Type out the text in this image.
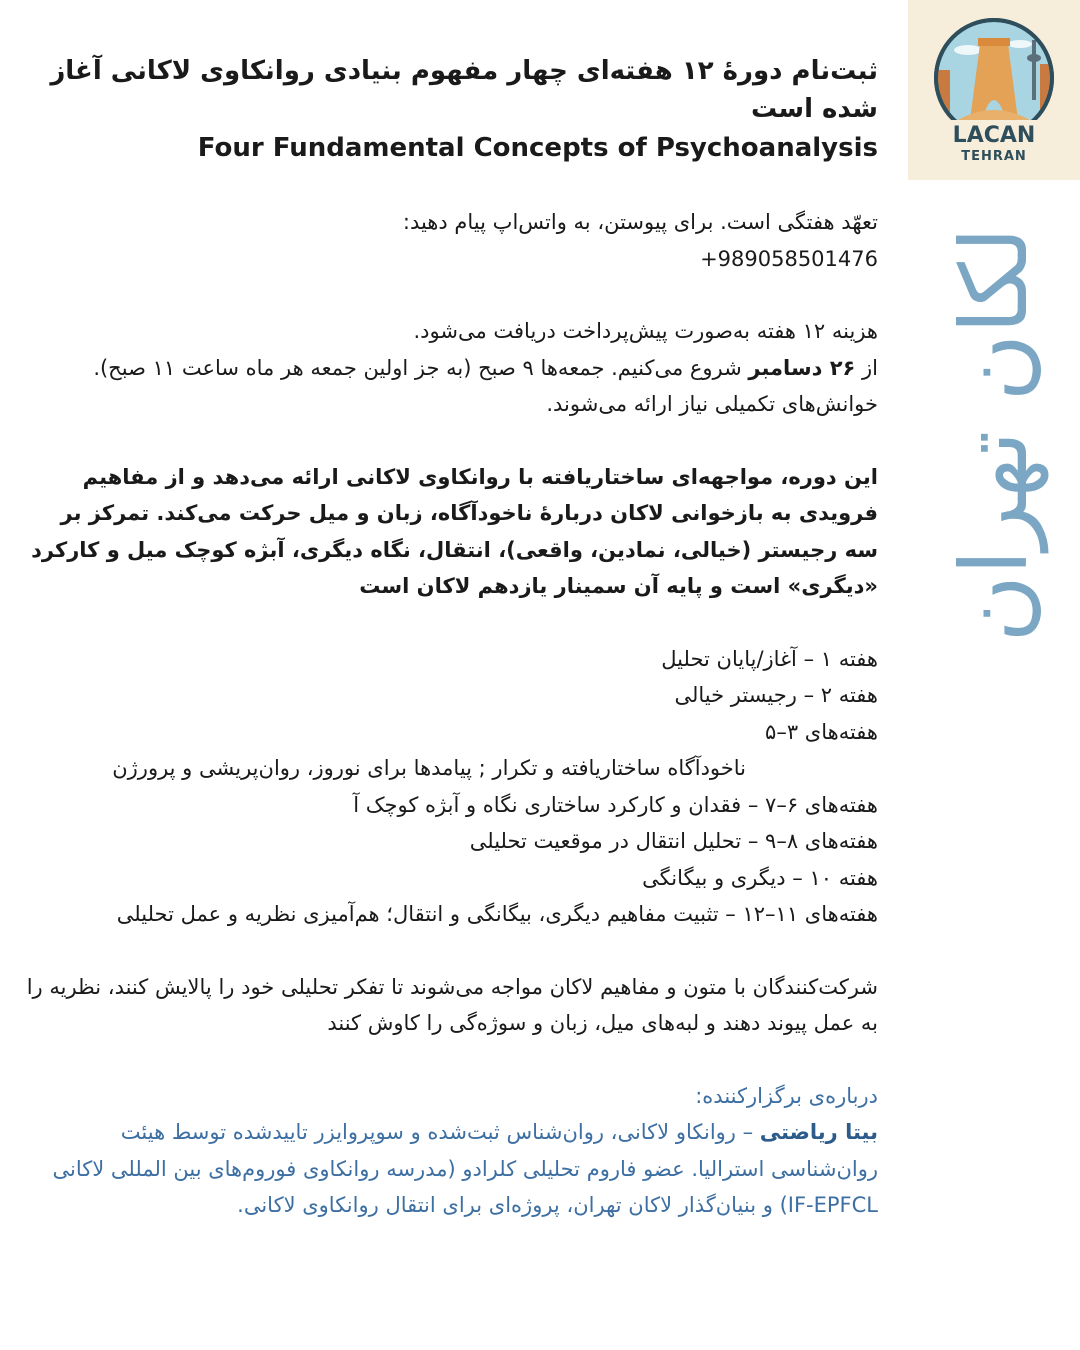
LACAN
TEHRAN
لکان تهران

ثبت‌نام دورهٔ ۱۲ هفته‌ای چهار مفهوم بنیادی روانکاوی لاکانی آغاز شده است

Four Fundamental Concepts of Psychoanalysis

تعهّد هفتگی است. برای پیوستن، به واتس‌اپ پیام دهید:

+989058501476

هزینه ۱۲ هفته به‌صورت پیش‌پرداخت دریافت می‌شود.

از ۲۶ دسامبر شروع می‌کنیم. جمعه‌ها ۹ صبح (به جز اولین جمعه هر ماه ساعت ۱۱ صبح). خوانش‌های تکمیلی نیاز ارائه می‌شوند.

این دوره، مواجهه‌ای ساختاریافته با روانکاوی لاکانی ارائه می‌دهد و از مفاهیم فرویدی به بازخوانی لاکان دربارهٔ ناخودآگاه، زبان و میل حرکت می‌کند. تمرکز بر سه رجیستر (خیالی، نمادین، واقعی)، انتقال، نگاه دیگری، آبژه کوچک میل و کارکرد «دیگری» است و پایه آن سمینار یازدهم لاکان است

هفته ۱ – آغاز/پایان تحلیل

هفته ۲ – رجیستر خیالی

هفته‌های ۳–۵

ناخودآگاه ساختاریافته و تکرار ; پیامدها برای نوروز، روان‌پریشی و پرورژن

هفته‌های ۶–۷ – فقدان و کارکرد ساختاری نگاه و آبژه کوچک آ

هفته‌های ۸–۹ – تحلیل انتقال در موقعیت تحلیلی

هفته ۱۰ – دیگری و بیگانگی

هفته‌های ۱۱–۱۲ – تثبیت مفاهیم دیگری، بیگانگی و انتقال؛ هم‌آمیزی نظریه و عمل تحلیلی

شرکت‌کنندگان با متون و مفاهیم لاکان مواجه می‌شوند تا تفکر تحلیلی خود را پالایش کنند، نظریه را به عمل پیوند دهند و لبه‌های میل، زبان و سوژه‌گی را کاوش کنند

درباره‌ی برگزارکننده:

بیتا ریاضتی – روانکاو لاکانی، روان‌شناس ثبت‌شده و سوپروایزر تاییدشده توسط هیئت روان‌شناسی استرالیا. عضو فاروم تحلیلی کلرادو (مدرسه روانکاوی فوروم‌های بین المللی لاکانی IF-EPFCL) و بنیان‌گذار لاکان تهران، پروژه‌ای برای انتقال روانکاوی لاکانی.
